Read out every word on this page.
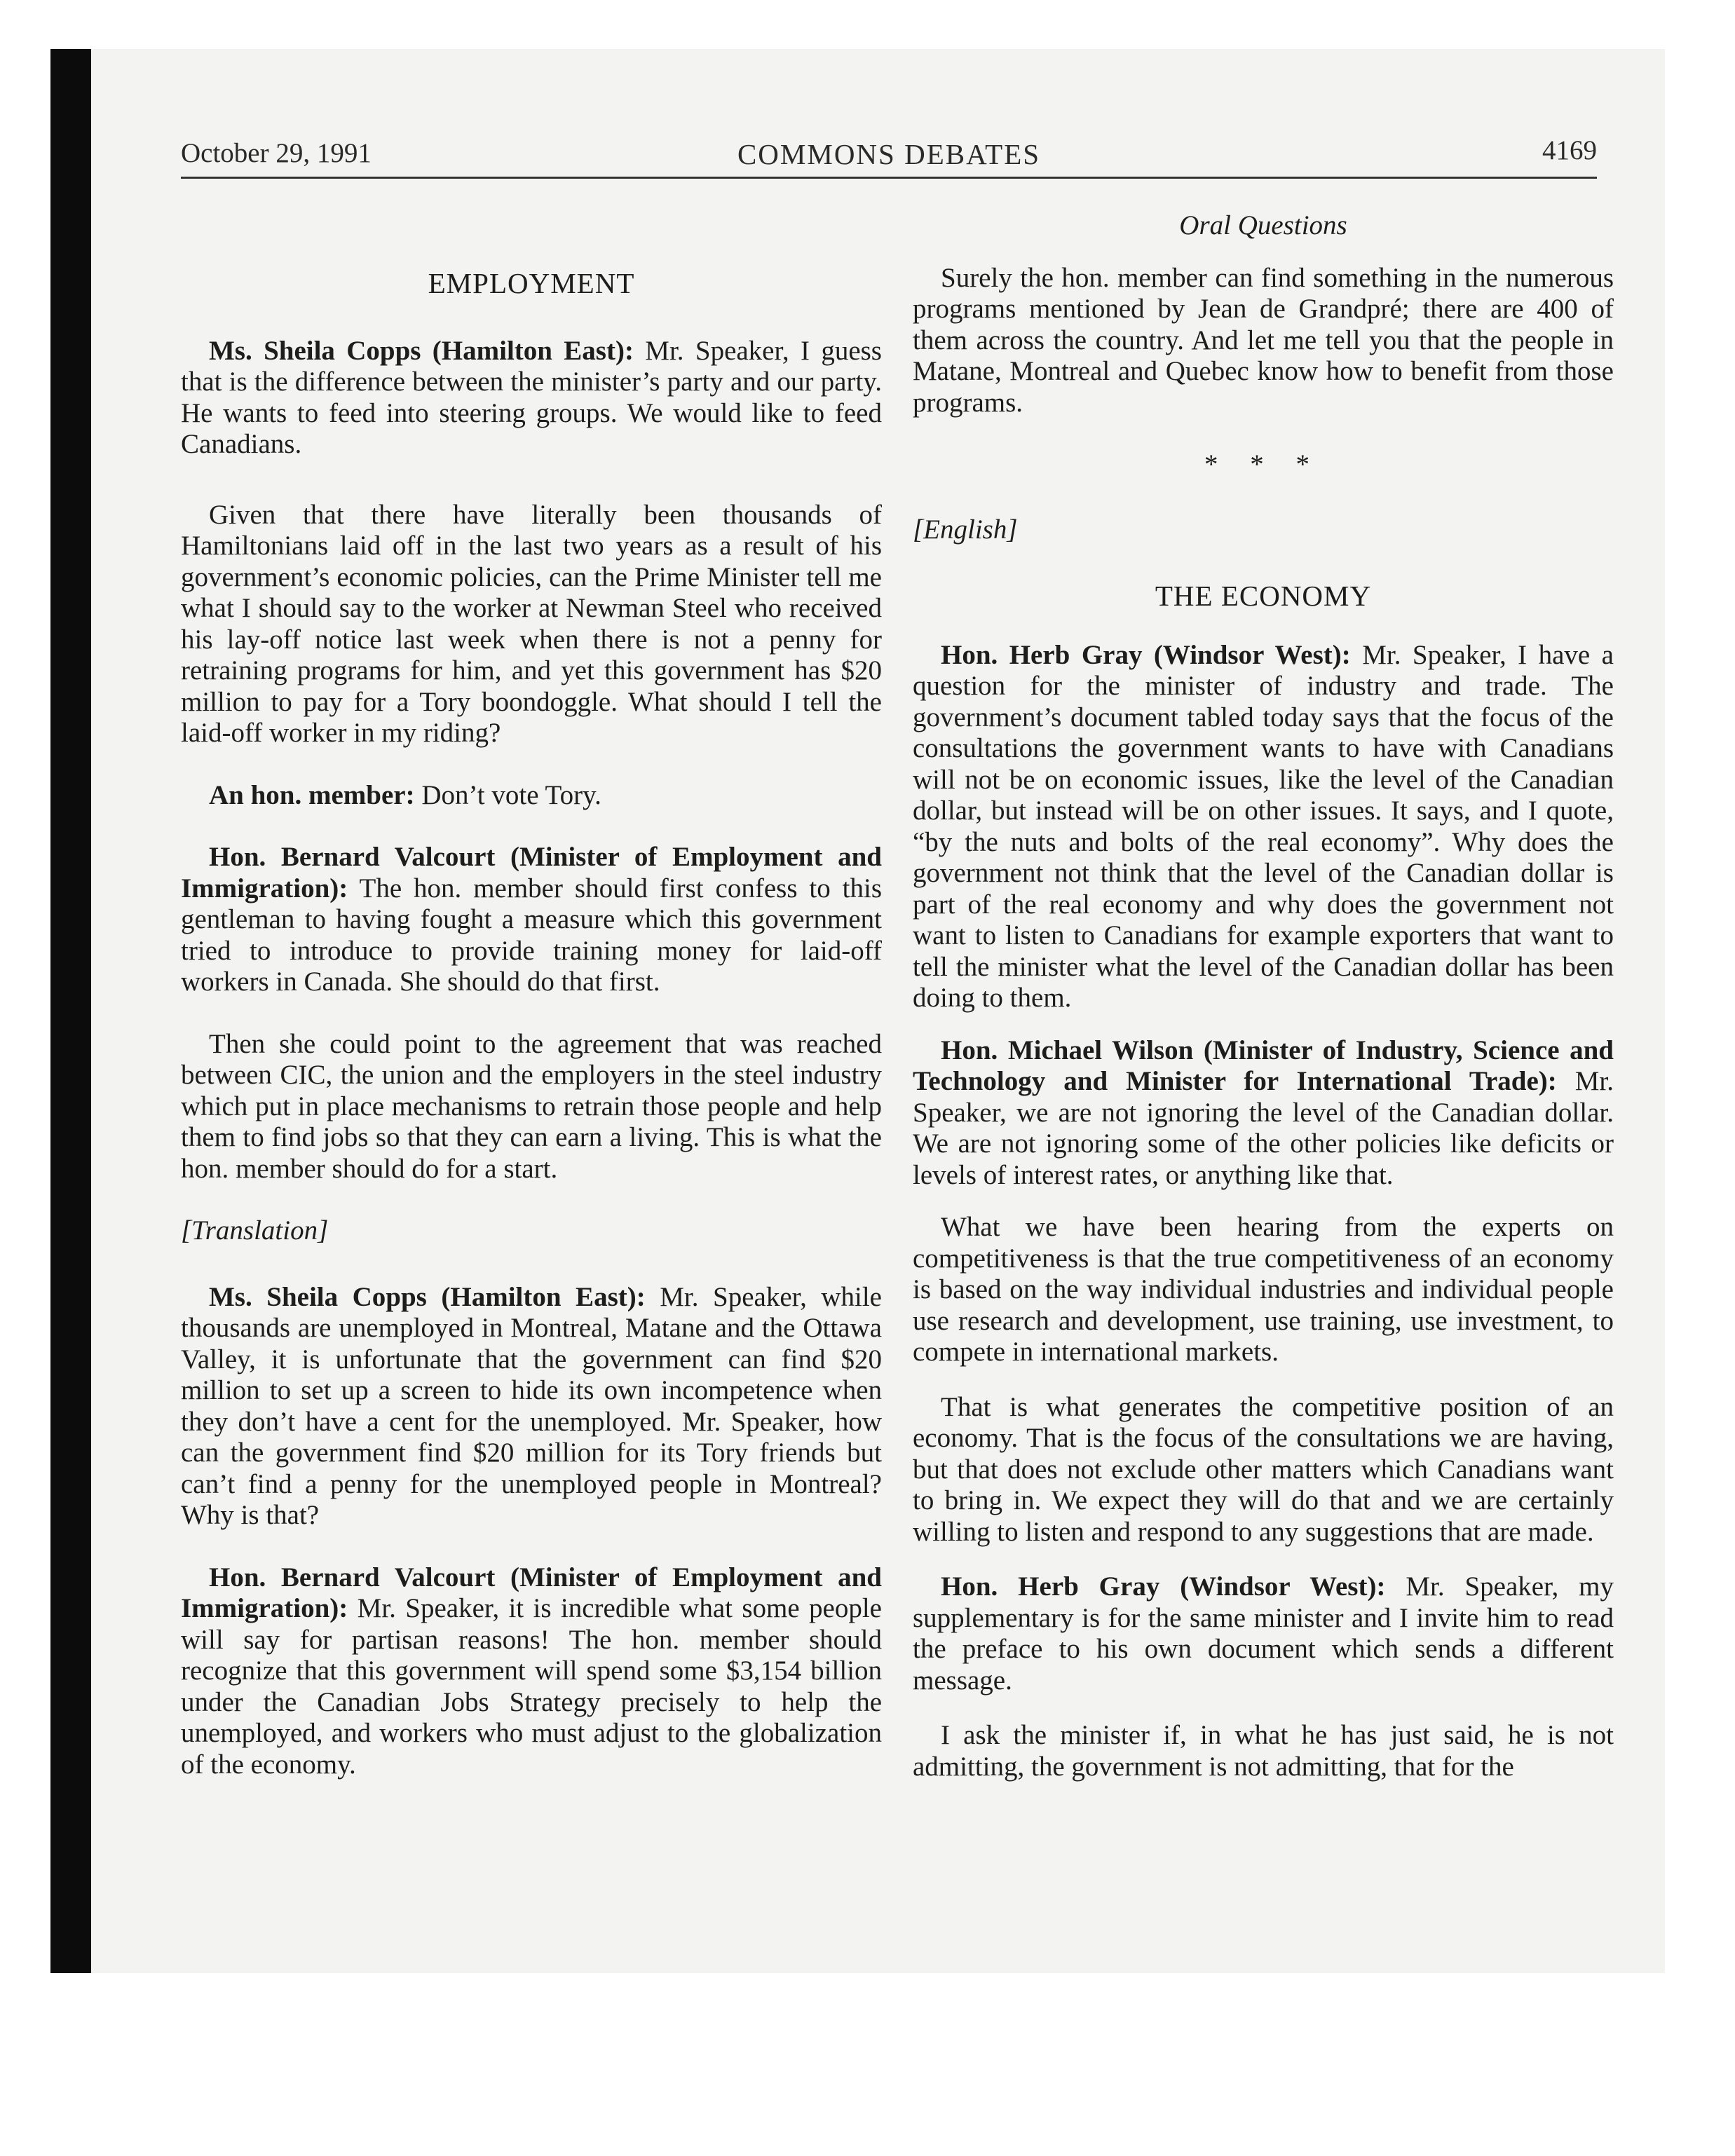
October 29, 1991	COMMONS DEBATES	4169
EMPLOYMENT

Ms. Sheila Copps (Hamilton East): Mr. Speaker, I guess that is the difference between the minister’s party and our party. He wants to feed into steering groups. We would like to feed Canadians.

Given that there have literally been thousands of Hamiltonians laid off in the last two years as a result of his government’s economic policies, can the Prime Minister tell me what I should say to the worker at Newman Steel who received his lay-off notice last week when there is not a penny for retraining programs for him, and yet this government has $20 million to pay for a Tory boondoggle. What should I tell the laid-off worker in my riding?

An hon. member: Don’t vote Tory.

Hon. Bernard Valcourt (Minister of Employment and Immigration): The hon. member should first confess to this gentleman to having fought a measure which this government tried to introduce to provide training money for laid-off workers in Canada. She should do that first.

Then she could point to the agreement that was reached between CIC, the union and the employers in the steel industry which put in place mechanisms to retrain those people and help them to find jobs so that they can earn a living. This is what the hon. member should do for a start.

[Translation]

Ms. Sheila Copps (Hamilton East): Mr. Speaker, while thousands are unemployed in Montreal, Matane and the Ottawa Valley, it is unfortunate that the government can find $20 million to set up a screen to hide its own incompetence when they don’t have a cent for the unemployed. Mr. Speaker, how can the government find $20 million for its Tory friends but can’t find a penny for the unemployed people in Montreal? Why is that?

Hon. Bernard Valcourt (Minister of Employment and Immigration): Mr. Speaker, it is incredible what some people will say for partisan reasons! The hon. member should recognize that this government will spend some $3,154 billion under the Canadian Jobs Strategy precisely to help the unemployed, and workers who must adjust to the globalization of the economy.

Oral Questions

Surely the hon. member can find something in the numerous programs mentioned by Jean de Grandpré; there are 400 of them across the country. And let me tell you that the people in Matane, Montreal and Quebec know how to benefit from those programs.

* * *
[English]
THE ECONOMY

Hon. Herb Gray (Windsor West): Mr. Speaker, I have a question for the minister of industry and trade. The government’s document tabled today says that the focus of the consultations the government wants to have with Canadians will not be on economic issues, like the level of the Canadian dollar, but instead will be on other issues. It says, and I quote, “by the nuts and bolts of the real economy”. Why does the government not think that the level of the Canadian dollar is part of the real economy and why does the government not want to listen to Canadians for example exporters that want to tell the minister what the level of the Canadian dollar has been doing to them.

Hon. Michael Wilson (Minister of Industry, Science and Technology and Minister for International Trade): Mr. Speaker, we are not ignoring the level of the Canadian dollar. We are not ignoring some of the other policies like deficits or levels of interest rates, or anything like that.

What we have been hearing from the experts on competitiveness is that the true competitiveness of an economy is based on the way individual industries and individual people use research and development, use training, use investment, to compete in international markets.

That is what generates the competitive position of an economy. That is the focus of the consultations we are having, but that does not exclude other matters which Canadians want to bring in. We expect they will do that and we are certainly willing to listen and respond to any suggestions that are made.

Hon. Herb Gray (Windsor West): Mr. Speaker, my supplementary is for the same minister and I invite him to read the preface to his own document which sends a different message.

I ask the minister if, in what he has just said, he is not admitting, the government is not admitting, that for the
